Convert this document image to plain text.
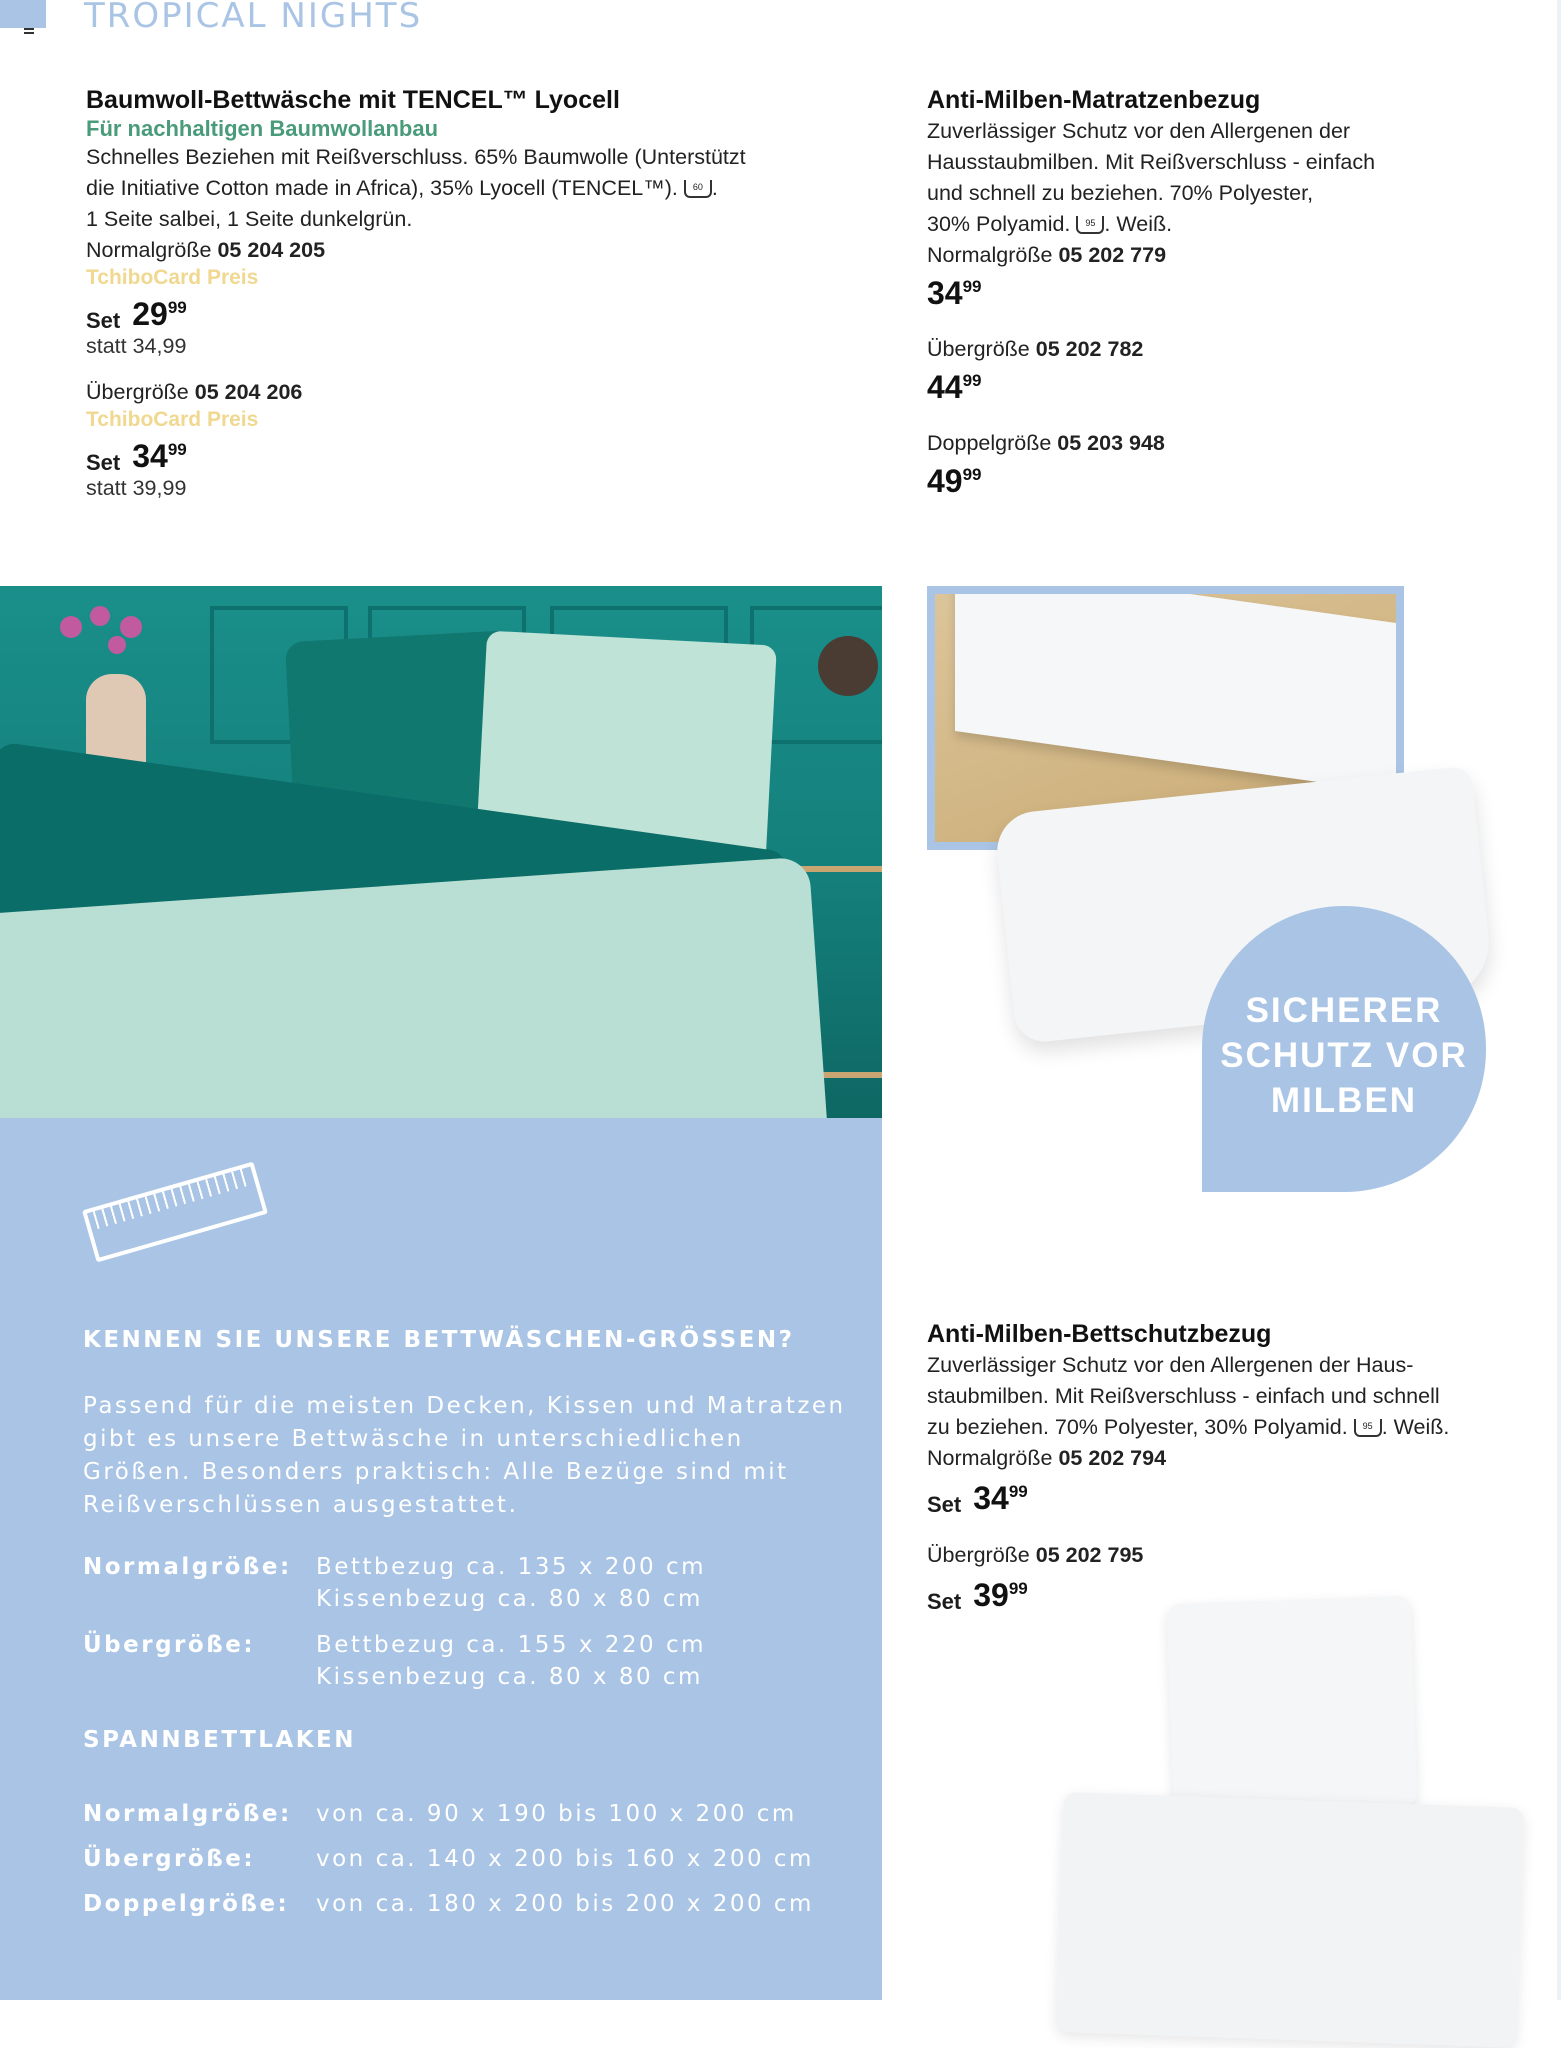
TROPICAL NIGHTS
Baumwoll-Bettwäsche mit TENCEL™ Lyocell
Für nachhaltigen Baumwollanbau
Schnelles Beziehen mit Reißverschluss. 65% Baumwolle (Unterstützt
die Initiative Cotton made in Africa), 35% Lyocell (TENCEL™). 60 .
1 Seite salbei, 1 Seite dunkelgrün.
Normalgröße 05 204 205
TchiboCard Preis
Set $29^{99}$
statt 34,99
Übergröße 05 204 206
TchiboCard Preis
Set $34^{99}$
statt 39,99
Anti-Milben-Matratzenbezug
Zuverlässiger Schutz vor den Allergenen der
Hausstaubmilben. Mit Reißverschluss - einfach
und schnell zu beziehen. 70% Polyester,
30% Polyamid. 95 . Weiß.
Normalgröße 05 202 779
$34^{99}$
Übergröße 05 202 782
$44^{99}$
Doppelgröße 05 203 948
$49^{99}$
SICHERER
SCHUTZ VOR
MILBEN
KENNEN SIE UNSERE BETTWÄSCHEN-GRÖSSEN?
Passend für die meisten Decken, Kissen und Matratzen
gibt es unsere Bettwäsche in unterschiedlichen
Größen. Besonders praktisch: Alle Bezüge sind mit
Reißverschlüssen ausgestattet.
Normalgröße:	Bettbezug ca. 135 x 200 cm
Kissenbezug ca. 80 x 80 cm
Übergröße:	Bettbezug ca. 155 x 220 cm
Kissenbezug ca. 80 x 80 cm
SPANNBETTLAKEN
Normalgröße:	von ca. 90 x 190 bis 100 x 200 cm
Übergröße:	von ca. 140 x 200 bis 160 x 200 cm
Doppelgröße:	von ca. 180 x 200 bis 200 x 200 cm
Anti-Milben-Bettschutzbezug
Zuverlässiger Schutz vor den Allergenen der Haus-
staubmilben. Mit Reißverschluss - einfach und schnell
zu beziehen. 70% Polyester, 30% Polyamid. 95 . Weiß.
Normalgröße 05 202 794
Set $34^{99}$
Übergröße 05 202 795
Set $39^{99}$
